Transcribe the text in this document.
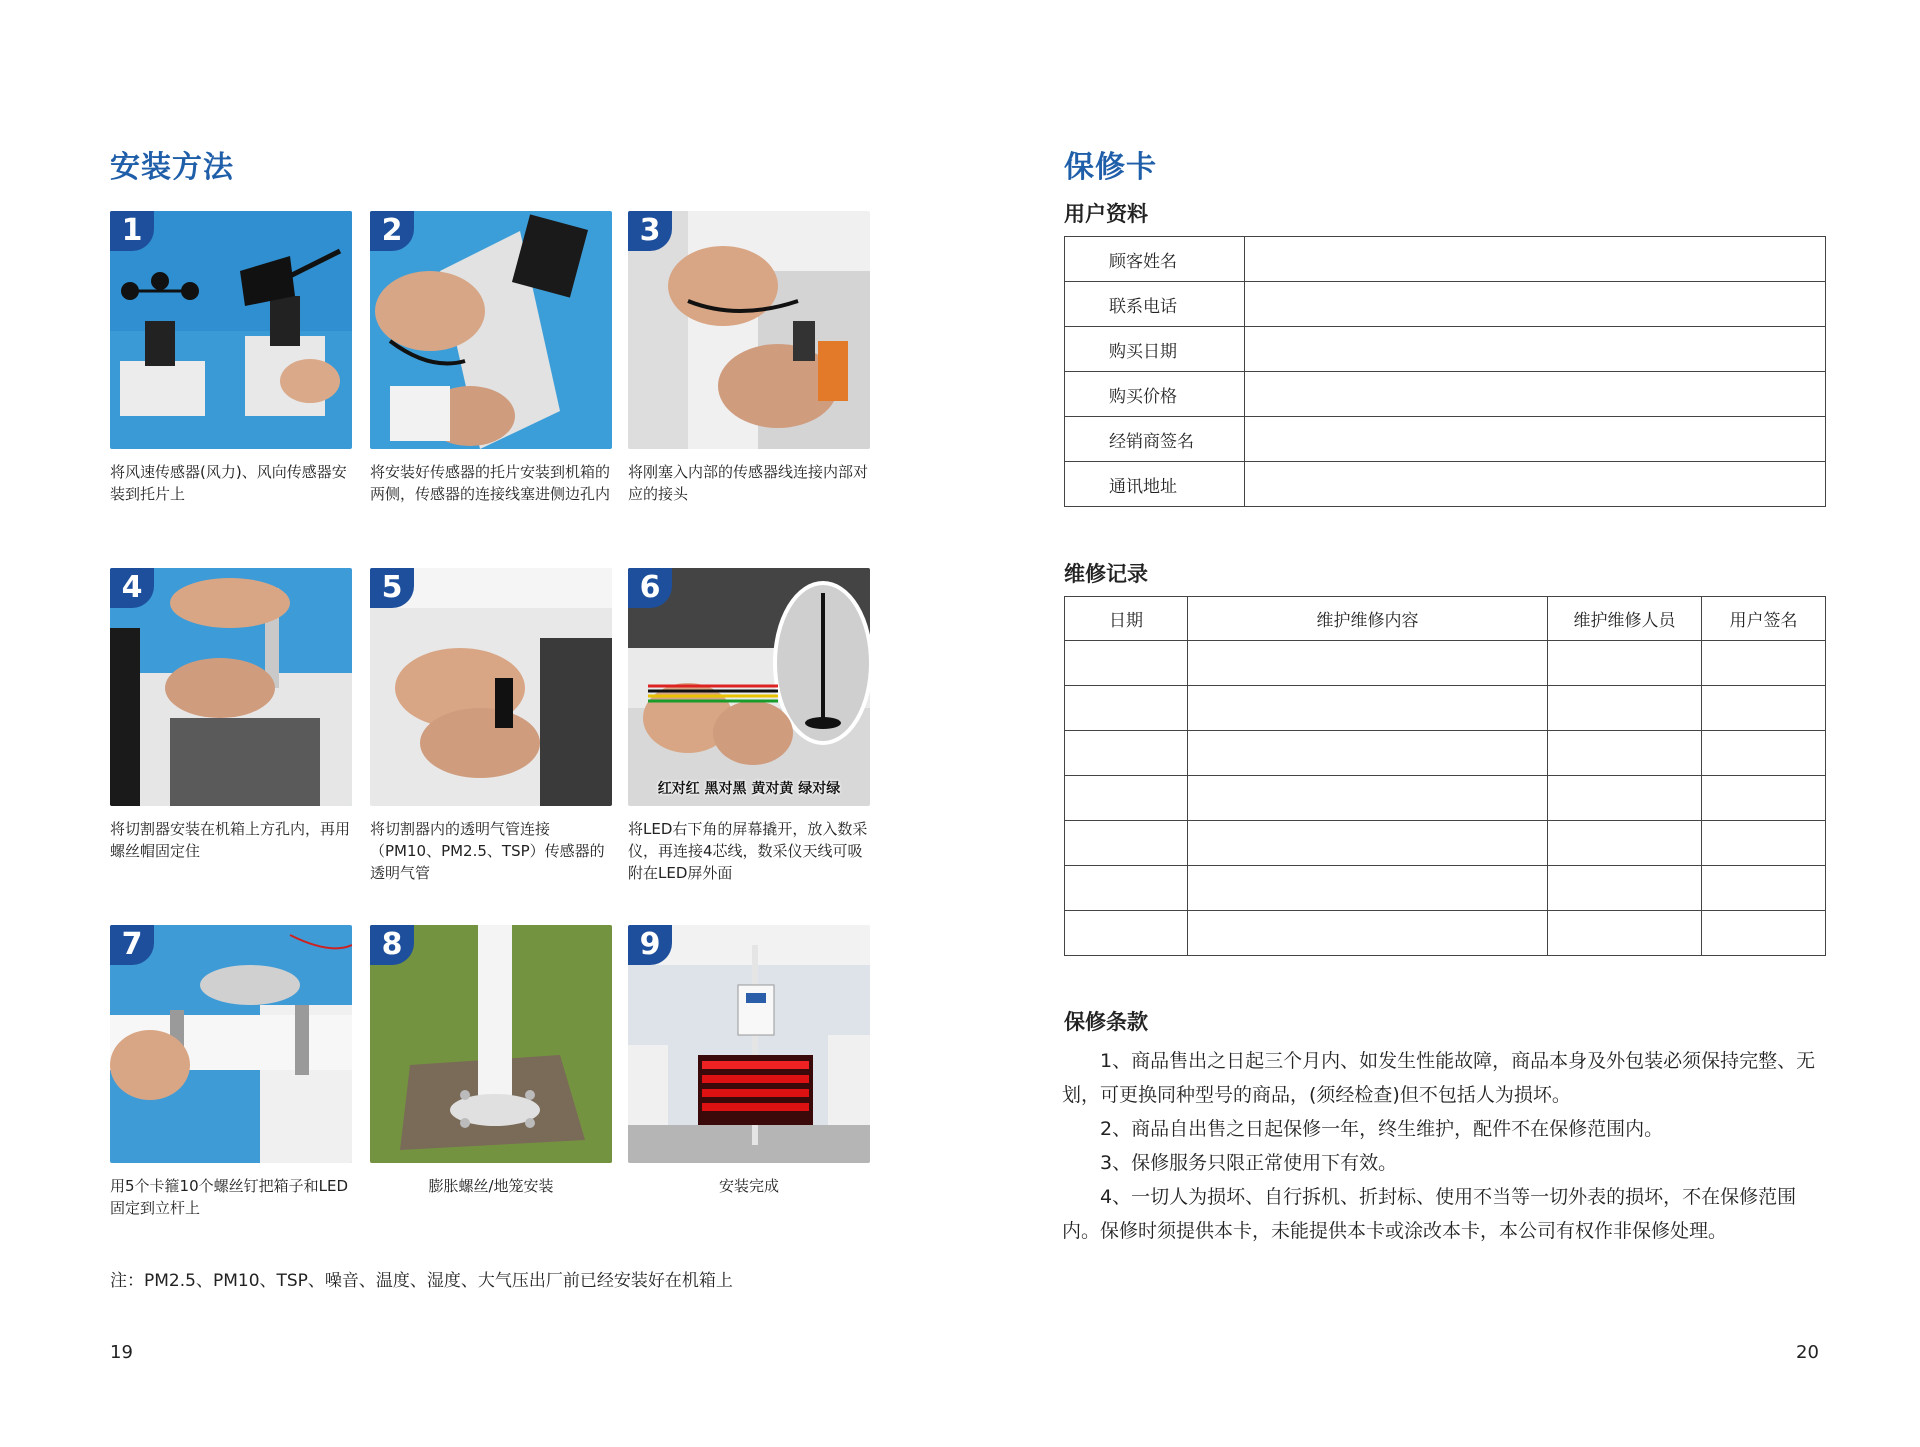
安装方法
1
将风速传感器(风力)、风向传感器安装到托片上
2
将安装好传感器的托片安装到机箱的两侧，传感器的连接线塞进侧边孔内
3
将刚塞入内部的传感器线连接内部对应的接头
4
将切割器安装在机箱上方孔内，再用螺丝帽固定住
5
将切割器内的透明气管连接（PM10、PM2.5、TSP）传感器的透明气管
6
红对红 黑对黑 黄对黄 绿对绿
将LED右下角的屏幕撬开，放入数采仪，再连接4芯线，数采仪天线可吸附在LED屏外面
7
用5个卡箍10个螺丝钉把箱子和LED固定到立杆上
8
膨胀螺丝/地笼安装
9
安装完成
注：PM2.5、PM10、TSP、噪音、温度、湿度、大气压出厂前已经安装好在机箱上
19
保修卡
用户资料
顾客姓名	
联系电话	
购买日期	
购买价格	
经销商签名	
通讯地址	
维修记录
日期	维护维修内容	维护维修人员	用户签名

保修条款

1、商品售出之日起三个月内、如发生性能故障，商品本身及外包装必须保持完整、无划，可更换同种型号的商品，(须经检查)但不包括人为损坏。

2、商品自出售之日起保修一年，终生维护，配件不在保修范围内。

3、保修服务只限正常使用下有效。

4、一切人为损坏、自行拆机、折封标、使用不当等一切外表的损坏，不在保修范围内。保修时须提供本卡，未能提供本卡或涂改本卡，本公司有权作非保修处理。

20
